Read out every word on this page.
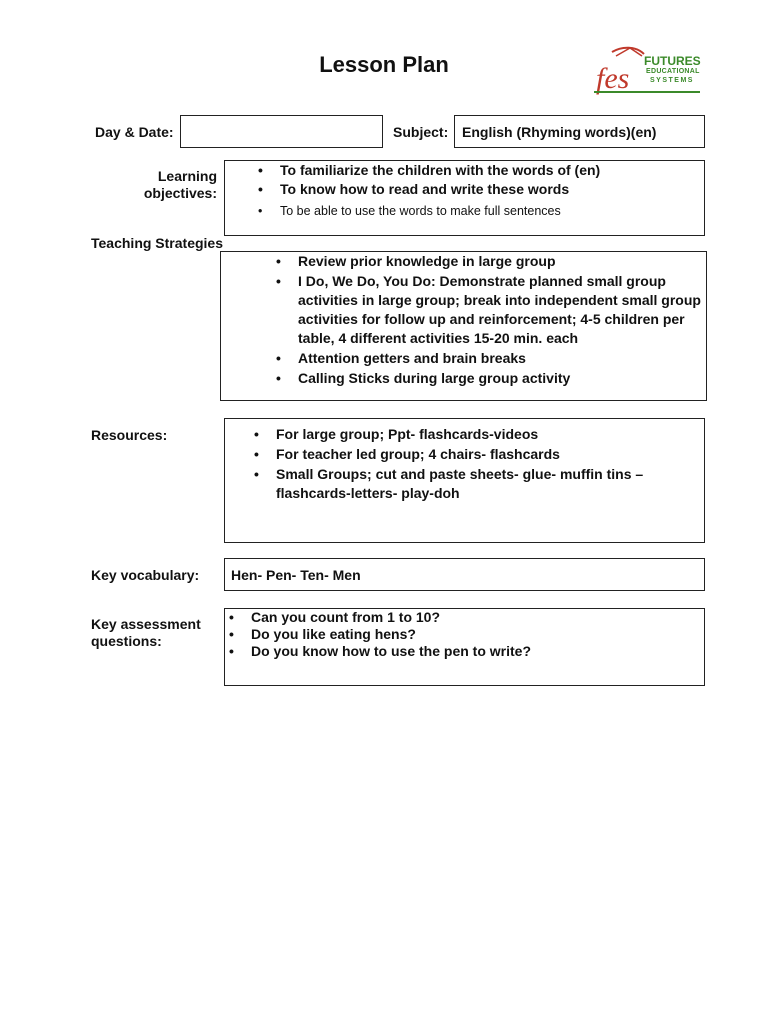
Lesson Plan	fes
FUTURES
EDUCATIONAL
SYSTEMS
Day & Date:	Subject: English (Rhyming words)(en)
Learning
objectives:
• To familiarize the children with the words of (en)
• To know how to read and write these words
• To be able to use the words to make full sentences
Teaching Strategies
• Review prior knowledge in large group
• I Do, We Do, You Do: Demonstrate planned small group activities in large group; break into independent small group activities for follow up and reinforcement; 4-5 children per table, 4 different activities 15-20 min. each
• Attention getters and brain breaks
• Calling Sticks during large group activity
Resources:	• For large group; Ppt- flashcards-videos
• For teacher led group; 4 chairs- flashcards
• Small Groups; cut and paste sheets- glue- muffin tins – flashcards-letters- play-doh
Key vocabulary: Hen- Pen- Ten- Men
Key assessment
questions:
• Can you count from 1 to 10?
• Do you like eating hens?
• Do you know how to use the pen to write?
